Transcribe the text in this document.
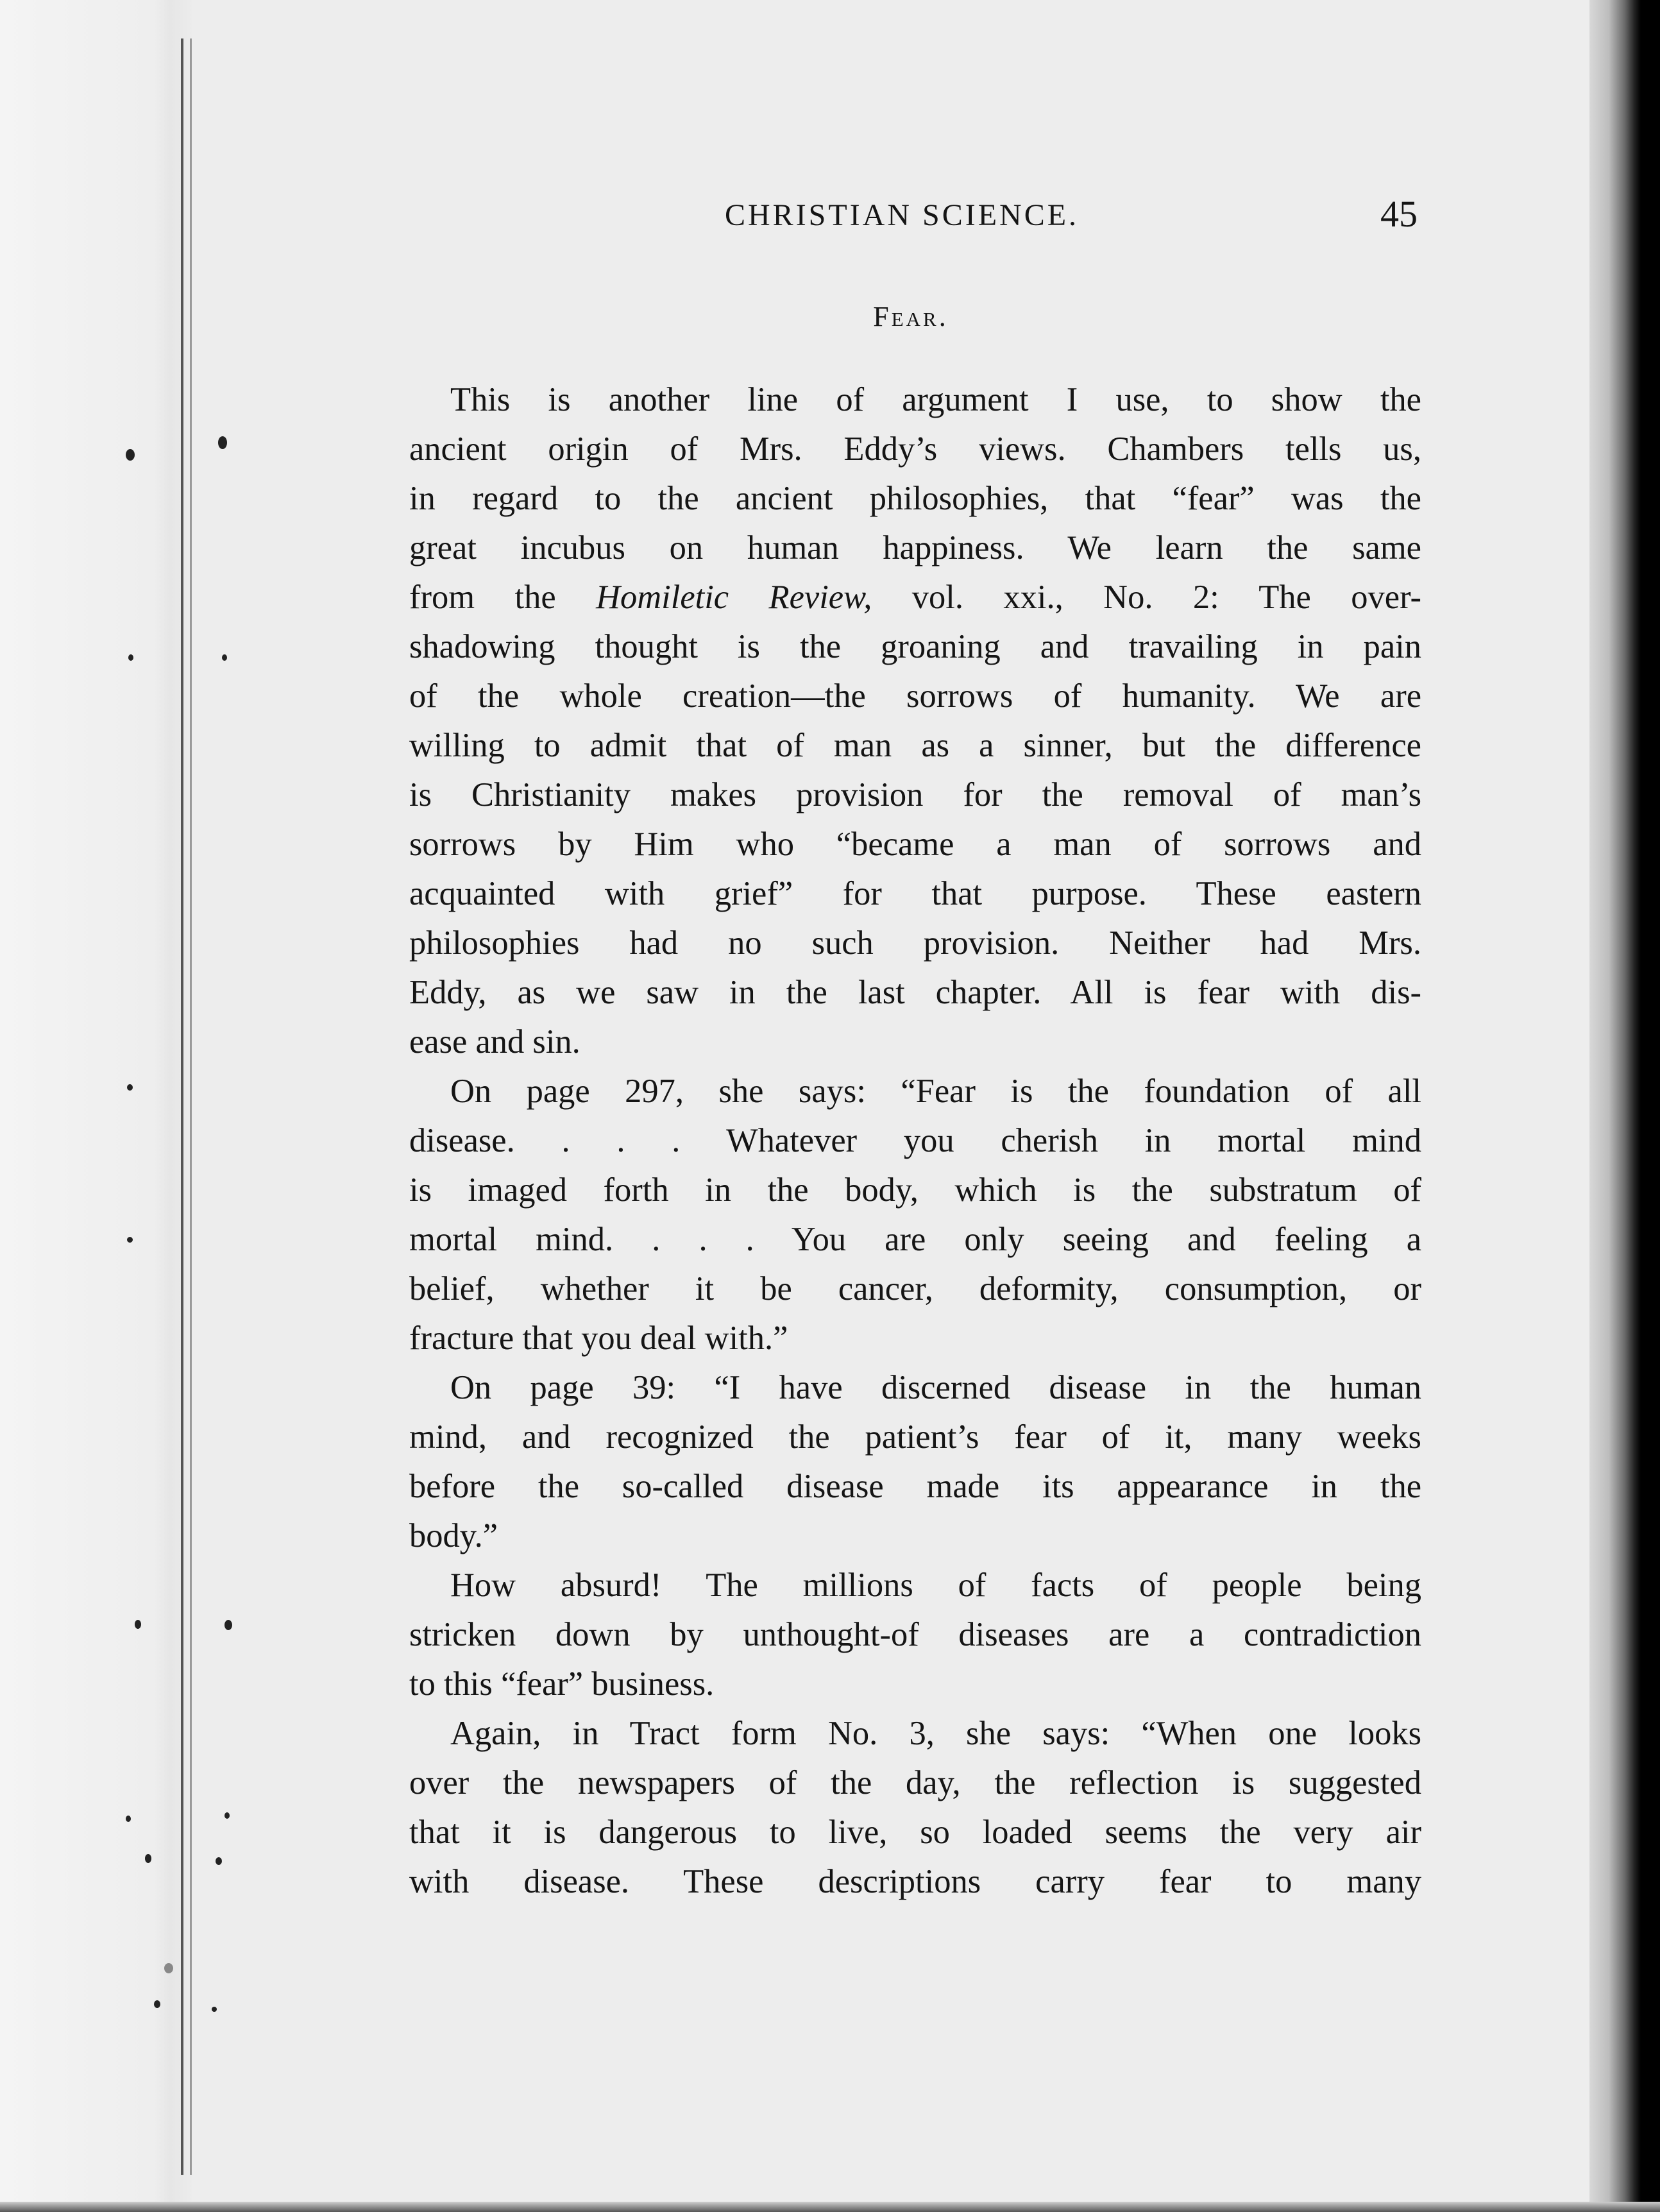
CHRISTIAN SCIENCE.	45
Fear.

This is another line of argument I use, to show the

ancient origin of Mrs. Eddy’s views. Chambers tells us,

in regard to the ancient philosophies, that “fear” was the

great incubus on human happiness. We learn the same

from the Homiletic Review, vol. xxi., No. 2: The over-

shadowing thought is the groaning and travailing in pain

of the whole creation—the sorrows of humanity. We are

willing to admit that of man as a sinner, but the difference

is Christianity makes provision for the removal of man’s

sorrows by Him who “became a man of sorrows and

acquainted with grief” for that purpose. These eastern

philosophies had no such provision. Neither had Mrs.

Eddy, as we saw in the last chapter. All is fear with dis-

ease and sin.

On page 297, she says: “Fear is the foundation of all

disease. . . . Whatever you cherish in mortal mind

is imaged forth in the body, which is the substratum of

mortal mind. . . . You are only seeing and feeling a

belief, whether it be cancer, deformity, consumption, or

fracture that you deal with.”

On page 39: “I have discerned disease in the human

mind, and recognized the patient’s fear of it, many weeks

before the so-called disease made its appearance in the

body.”

How absurd! The millions of facts of people being

stricken down by unthought-of diseases are a contradiction

to this “fear” business.

Again, in Tract form No. 3, she says: “When one looks

over the newspapers of the day, the reflection is suggested

that it is dangerous to live, so loaded seems the very air

with disease. These descriptions carry fear to many
